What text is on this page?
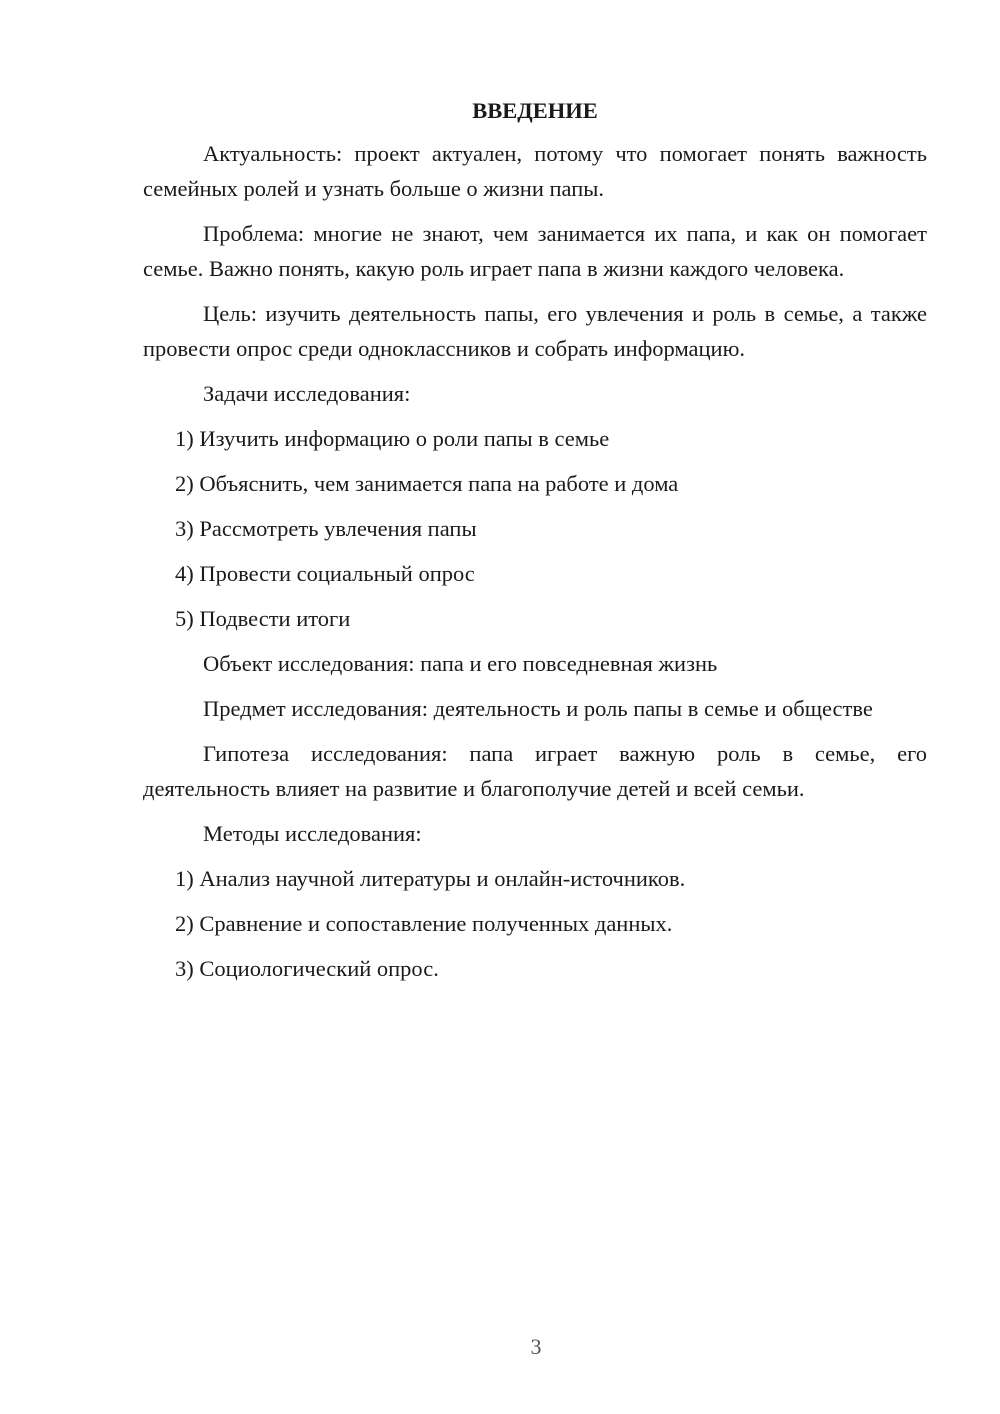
ВВЕДЕНИЕ

Актуальность: проект актуален, потому что помогает понять важность семейных ролей и узнать больше о жизни папы.

Проблема: многие не знают, чем занимается их папа, и как он помогает семье. Важно понять, какую роль играет папа в жизни каждого человека.

Цель: изучить деятельность папы, его увлечения и роль в семье, а также провести опрос среди одноклассников и собрать информацию.

Задачи исследования:

1) Изучить информацию о роли папы в семье

2) Объяснить, чем занимается папа на работе и дома

3) Рассмотреть увлечения папы

4) Провести социальный опрос

5) Подвести итоги

Объект исследования: папа и его повседневная жизнь

Предмет исследования: деятельность и роль папы в семье и обществе

Гипотеза исследования: папа играет важную роль в семье, его деятельность влияет на развитие и благополучие детей и всей семьи.

Методы исследования:

1) Анализ научной литературы и онлайн-источников.

2) Сравнение и сопоставление полученных данных.

3) Социологический опрос.

3
